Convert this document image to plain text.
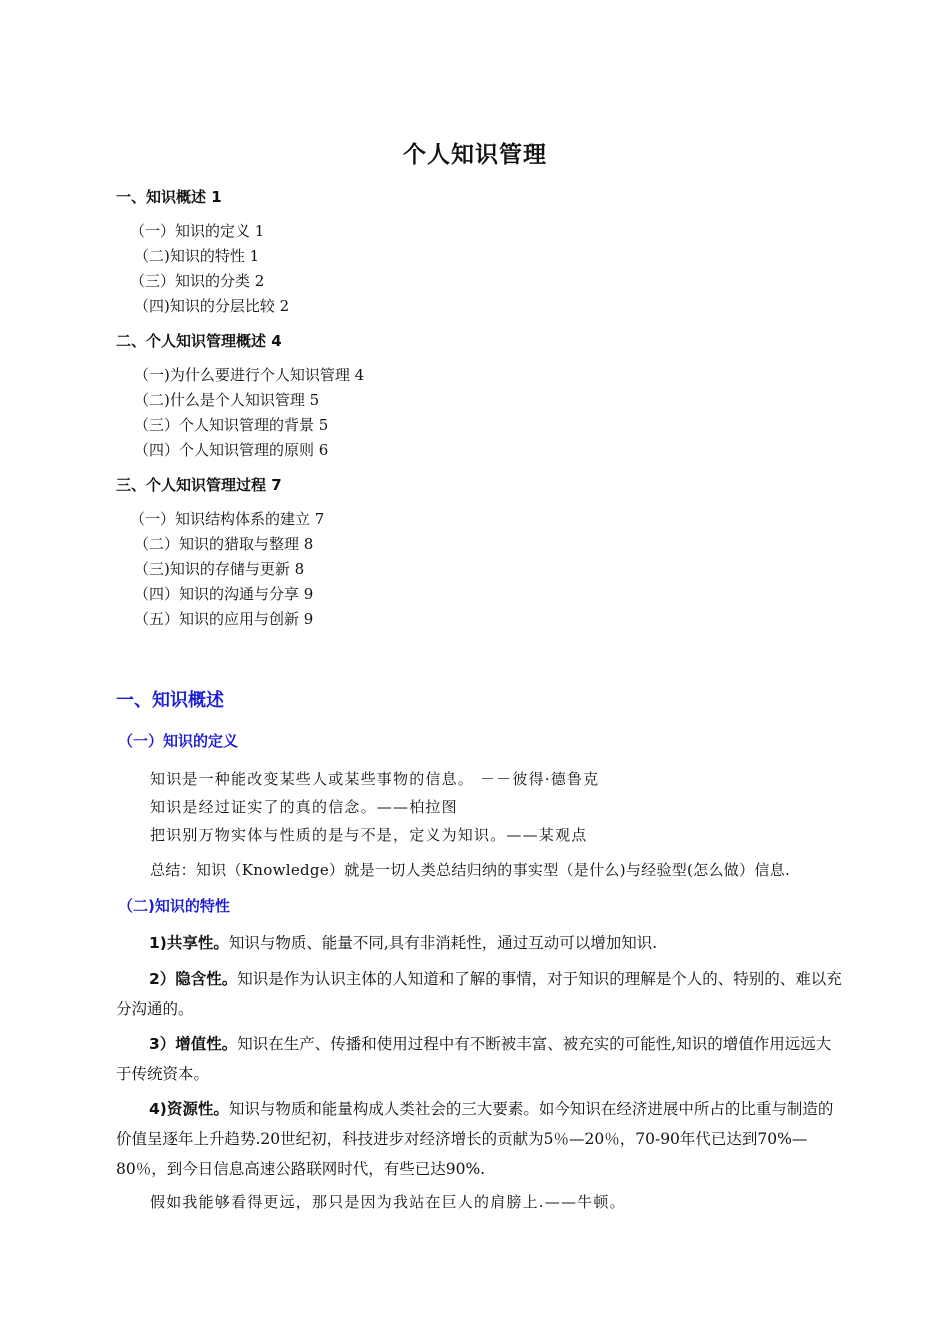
个人知识管理
一、知识概述 1
（一）知识的定义 1
（二)知识的特性 1
（三）知识的分类 2
（四)知识的分层比较 2
二、个人知识管理概述 4
（一)为什么要进行个人知识管理 4
（二)什么是个人知识管理 5
（三）个人知识管理的背景 5
（四）个人知识管理的原则 6
三、个人知识管理过程 7
（一）知识结构体系的建立 7
（二）知识的猎取与整理 8
（三)知识的存储与更新 8
（四）知识的沟通与分享 9
（五）知识的应用与创新 9
一、知识概述
（一）知识的定义
知识是一种能改变某些人或某些事物的信息。 －－彼得·德鲁克
知识是经过证实了的真的信念。——柏拉图
把识别万物实体与性质的是与不是，定义为知识。——某观点
总结：知识（Knowledge）就是一切人类总结归纳的事实型（是什么)与经验型(怎么做）信息.
（二)知识的特性
1)共享性。知识与物质、能量不同,具有非消耗性，通过互动可以增加知识.
2）隐含性。知识是作为认识主体的人知道和了解的事情，对于知识的理解是个人的、特别的、难以充分沟通的。
3）增值性。知识在生产、传播和使用过程中有不断被丰富、被充实的可能性,知识的增值作用远远大于传统资本。
4)资源性。知识与物质和能量构成人类社会的三大要素。如今知识在经济进展中所占的比重与制造的价值呈逐年上升趋势.20世纪初，科技进步对经济增长的贡献为5％—20％，70-90年代已达到70%—80％，到今日信息高速公路联网时代，有些已达90%.
假如我能够看得更远，那只是因为我站在巨人的肩膀上.——牛顿。
